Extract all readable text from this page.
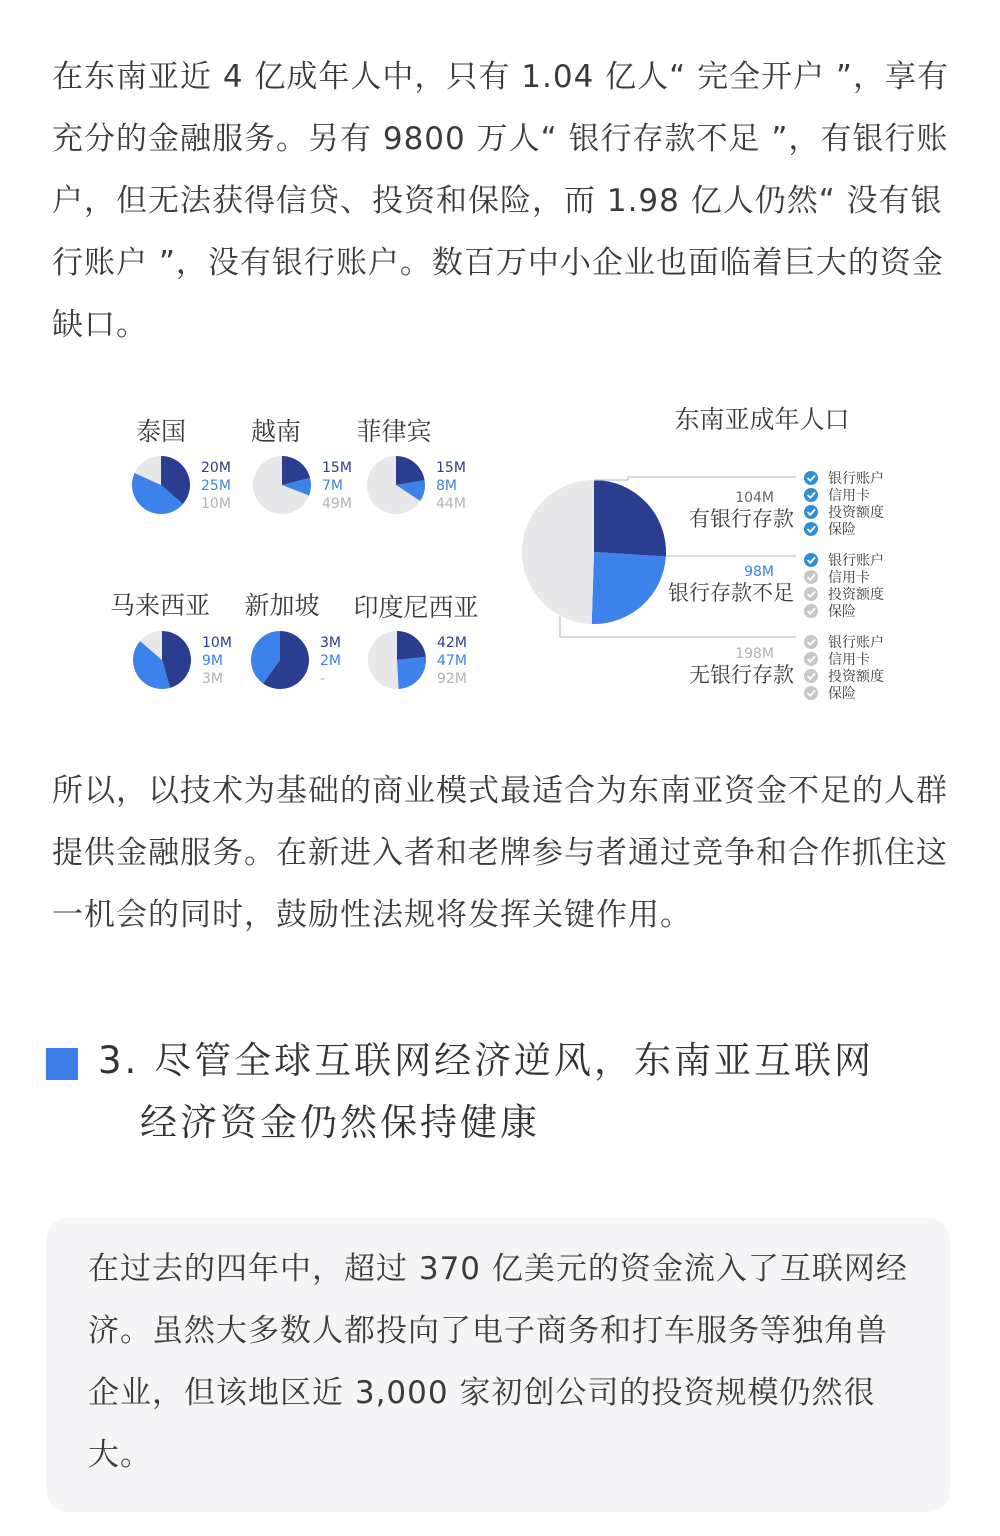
在东南亚近 4 亿成年人中，只有 1.04 亿人“ 完全开户 ”，享有充分的金融服务。另有 9800 万人“ 银行存款不足 ”，有银行账户，但无法获得信贷、投资和保险，而 1.98 亿人仍然“ 没有银行账户 ”，没有银行账户。数百万中小企业也面临着巨大的资金缺口。

泰国
20M
25M
10M
越南
15M
7M
49M
菲律宾
15M
8M
44M
马来西亚
10M
9M
3M
新加坡
3M
2M
-
印度尼西亚
42M
47M
92M
东南亚成年人口
104M
有银行存款
银行账户
信用卡
投资额度
保险
98M
银行存款不足
银行账户
信用卡
投资额度
保险
198M
无银行存款
银行账户
信用卡
投资额度
保险

所以，以技术为基础的商业模式最适合为东南亚资金不足的人群提供金融服务。在新进入者和老牌参与者通过竞争和合作抓住这一机会的同时，鼓励性法规将发挥关键作用。

3. 尽管全球互联网经济逆风，东南亚互联网
经济资金仍然保持健康

在过去的四年中，超过 370 亿美元的资金流入了互联网经济。虽然大多数人都投向了电子商务和打车服务等独角兽企业，但该地区近 3,000 家初创公司的投资规模仍然很大。
